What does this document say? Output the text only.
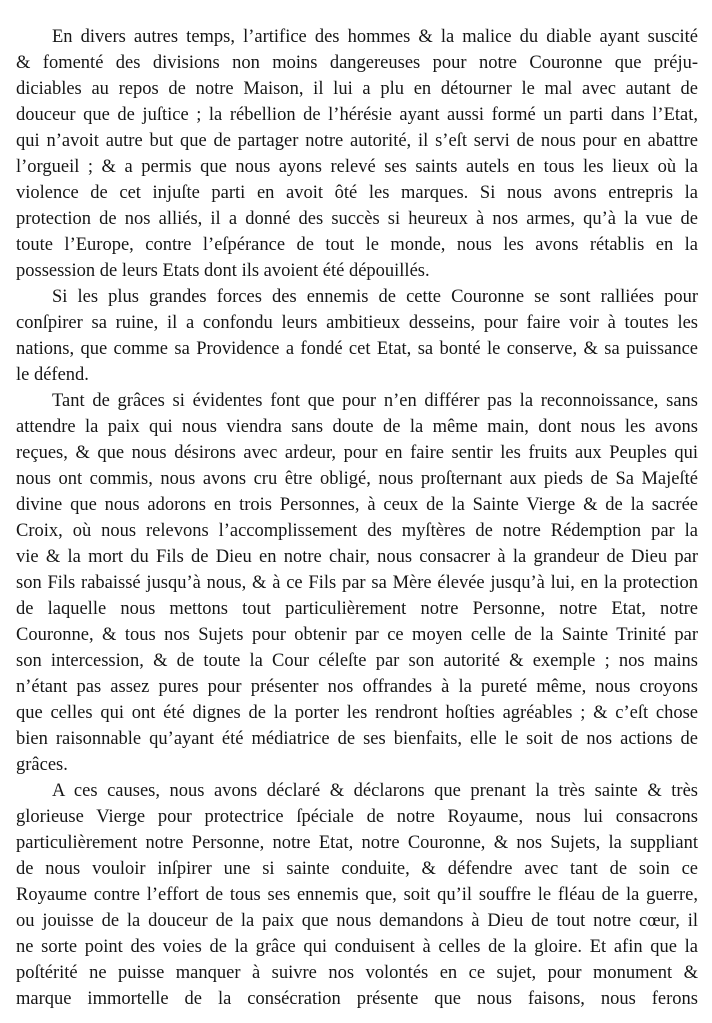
En divers autres temps, l’artifice des hommes & la malice du diable ayant suscité
& fomenté des divisions non moins dangereuses pour notre Couronne que préju-
diciables au repos de notre Maison, il lui a plu en détourner le mal avec autant de
douceur que de juſtice ; la rébellion de l’hérésie ayant aussi formé un parti dans l’Etat,
qui n’avoit autre but que de partager notre autorité, il s’eſt servi de nous pour en abattre
l’orgueil ; & a permis que nous ayons relevé ses saints autels en tous les lieux où la
violence de cet injuſte parti en avoit ôté les marques. Si nous avons entrepris la
protection de nos alliés, il a donné des succès si heureux à nos armes, qu’à la vue de
toute l’Europe, contre l’eſpérance de tout le monde, nous les avons rétablis en la
possession de leurs Etats dont ils avoient été dépouillés.
Si les plus grandes forces des ennemis de cette Couronne se sont ralliées pour
conſpirer sa ruine, il a confondu leurs ambitieux desseins, pour faire voir à toutes les
nations, que comme sa Providence a fondé cet Etat, sa bonté le conserve, & sa puissance
le défend.
Tant de grâces si évidentes font que pour n’en différer pas la reconnoissance, sans
attendre la paix qui nous viendra sans doute de la même main, dont nous les avons
reçues, & que nous désirons avec ardeur, pour en faire sentir les fruits aux Peuples qui
nous ont commis, nous avons cru être obligé, nous proſternant aux pieds de Sa Majeſté
divine que nous adorons en trois Personnes, à ceux de la Sainte Vierge & de la sacrée
Croix, où nous relevons l’accomplissement des myſtères de notre Rédemption par la
vie & la mort du Fils de Dieu en notre chair, nous consacrer à la grandeur de Dieu par
son Fils rabaissé jusqu’à nous, & à ce Fils par sa Mère élevée jusqu’à lui, en la protection
de laquelle nous mettons tout particulièrement notre Personne, notre Etat, notre
Couronne, & tous nos Sujets pour obtenir par ce moyen celle de la Sainte Trinité par
son intercession, & de toute la Cour céleſte par son autorité & exemple ; nos mains
n’étant pas assez pures pour présenter nos offrandes à la pureté même, nous croyons
que celles qui ont été dignes de la porter les rendront hoſties agréables ; & c’eſt chose
bien raisonnable qu’ayant été médiatrice de ses bienfaits, elle le soit de nos actions de
grâces.
A ces causes, nous avons déclaré & déclarons que prenant la très sainte & très
glorieuse Vierge pour protectrice ſpéciale de notre Royaume, nous lui consacrons
particulièrement notre Personne, notre Etat, notre Couronne, & nos Sujets, la suppliant
de nous vouloir inſpirer une si sainte conduite, & défendre avec tant de soin ce
Royaume contre l’effort de tous ses ennemis que, soit qu’il souffre le fléau de la guerre,
ou jouisse de la douceur de la paix que nous demandons à Dieu de tout notre cœur, il
ne sorte point des voies de la grâce qui conduisent à celles de la gloire. Et afin que la
poſtérité ne puisse manquer à suivre nos volontés en ce sujet, pour monument &
marque immortelle de la consécration présente que nous faisons, nous ferons
